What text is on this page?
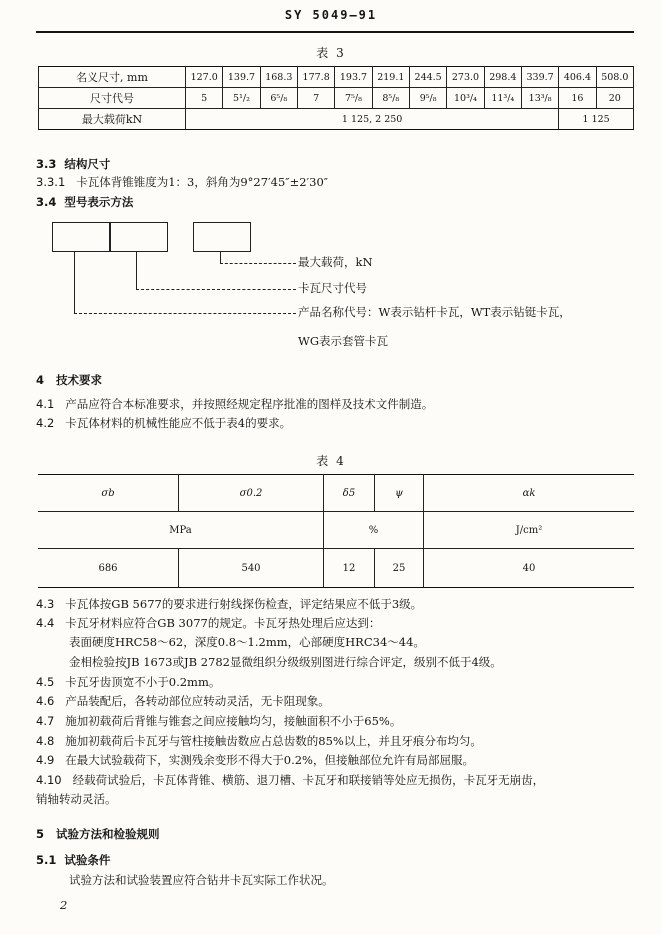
SY 5049—91
表 3
名义尺寸, mm	127.0	139.7	168.3	177.8	193.7	219.1	244.5	273.0	298.4	339.7	406.4	508.0
尺寸代号	5	5¹/₂	6⁵/₈	7	7⁵/₈	8⁵/₈	9⁵/₈	10³/₄	11³/₄	13³/₈	16	20
最大载荷kN	1 125, 2 250										1 125	
3.3 结构尺寸
3.3.1 卡瓦体背锥锥度为1：3，斜角为9°27′45″±2′30″
3.4 型号表示方法
最大载荷，kN
卡瓦尺寸代号
产品名称代号：W表示钻杆卡瓦，WT表示钻铤卡瓦，
WG表示套管卡瓦
4 技术要求
4.1 产品应符合本标准要求，并按照经规定程序批准的图样及技术文件制造。
4.2 卡瓦体材料的机械性能应不低于表4的要求。
表 4
σb	σ0.2	δ5	ψ	αk
MPa		%		J/cm²
686	540	12	25	40
4.3 卡瓦体按GB 5677的要求进行射线探伤检查，评定结果应不低于3级。
4.4 卡瓦牙材料应符合GB 3077的规定。卡瓦牙热处理后应达到：
表面硬度HRC58～62，深度0.8～1.2mm，心部硬度HRC34～44。
金相检验按JB 1673或JB 2782显微组织分级级别图进行综合评定，级别不低于4级。
4.5 卡瓦牙齿顶宽不小于0.2mm。
4.6 产品装配后，各转动部位应转动灵活，无卡阻现象。
4.7 施加初载荷后背锥与锥套之间应接触均匀，接触面积不小于65%。
4.8 施加初载荷后卡瓦牙与管柱接触齿数应占总齿数的85%以上，并且牙痕分布均匀。
4.9 在最大试验载荷下，实测残余变形不得大于0.2%，但接触部位允许有局部屈服。
4.10 经载荷试验后，卡瓦体背锥、横筋、退刀槽、卡瓦牙和联接销等处应无损伤，卡瓦牙无崩齿，
销轴转动灵活。
5 试验方法和检验规则
5.1 试验条件
试验方法和试验装置应符合钻井卡瓦实际工作状况。
2
